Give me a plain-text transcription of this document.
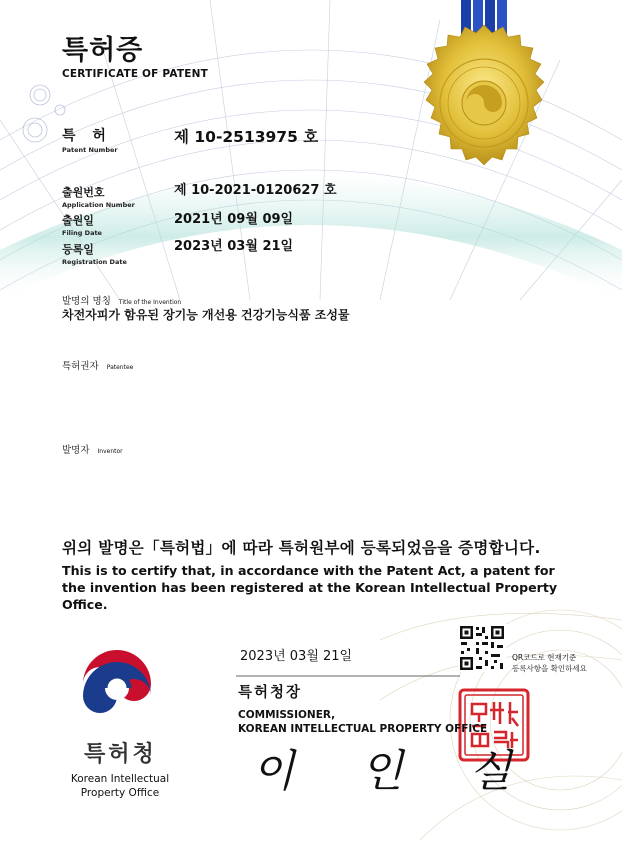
특허증
CERTIFICATE OF PATENT
특 허
Patent Number
제 10-2513975 호
출원번호
Application Number
제 10-2021-0120627 호
출원일
Filing Date
2021년 09월 09일
등록일
Registration Date
2023년 03월 21일
발명의 명칭 Title of the Invention
차전자피가 함유된 장기능 개선용 건강기능식품 조성물
특허권자 Patentee
발명자 Inventor
위의 발명은「특허법」에 따라 특허원부에 등록되었음을 증명합니다.
This is to certify that, in accordance with the Patent Act, a patent for the invention has been registered at the Korean Intellectual Property Office.
2023년 03월 21일	QR코드로 현재기준
등록사항을 확인하세요
특허청장
COMMISSIONER,
KOREAN INTELLECTUAL PROPERTY OFFICE
이 인 실
특허청
Korean Intellectual
Property Office
